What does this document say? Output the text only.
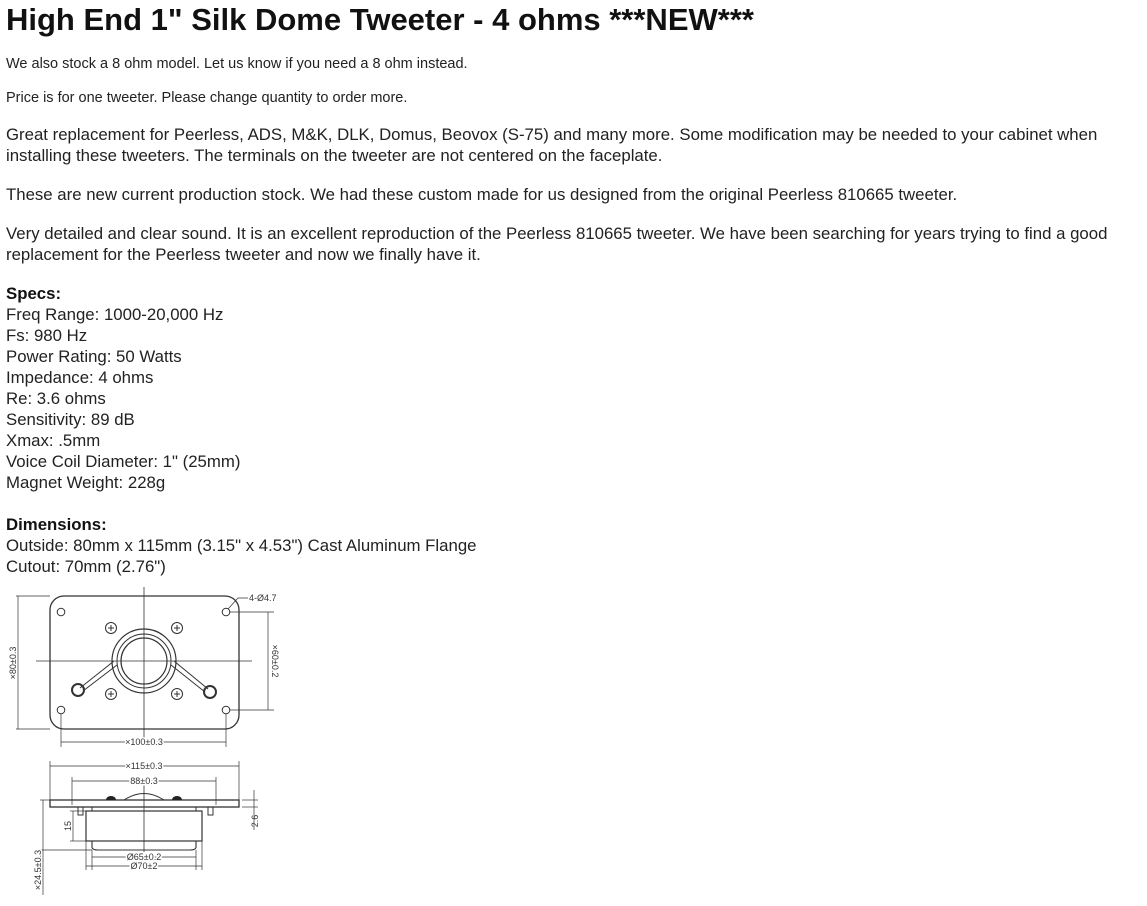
High End 1" Silk Dome Tweeter - 4 ohms ***NEW***

We also stock a 8 ohm model. Let us know if you need a 8 ohm instead.

Price is for one tweeter. Please change quantity to order more.

Great replacement for Peerless, ADS, M&K, DLK, Domus, Beovox (S-75) and many more. Some modification may be needed to your cabinet when installing these tweeters. The terminals on the tweeter are not centered on the faceplate.

These are new current production stock. We had these custom made for us designed from the original Peerless 810665 tweeter.

Very detailed and clear sound. It is an excellent reproduction of the Peerless 810665 tweeter. We have been searching for years trying to find a good replacement for the Peerless tweeter and now we finally have it.

Specs:
Freq Range: 1000-20,000 Hz
Fs: 980 Hz
Power Rating: 50 Watts
Impedance: 4 ohms
Re: 3.6 ohms
Sensitivity: 89 dB
Xmax: .5mm
Voice Coil Diameter: 1" (25mm)
Magnet Weight: 228g
Dimensions:
Outside: 80mm x 115mm (3.15" x 4.53") Cast Aluminum Flange
Cutout: 70mm (2.76")
4-Ø4.7
×80±0.3	×60±0.2
×100±0.3
×115±0.3
88±0.3
2.6
15
×24.5±0.3	Ø65±0.2
Ø70±2
